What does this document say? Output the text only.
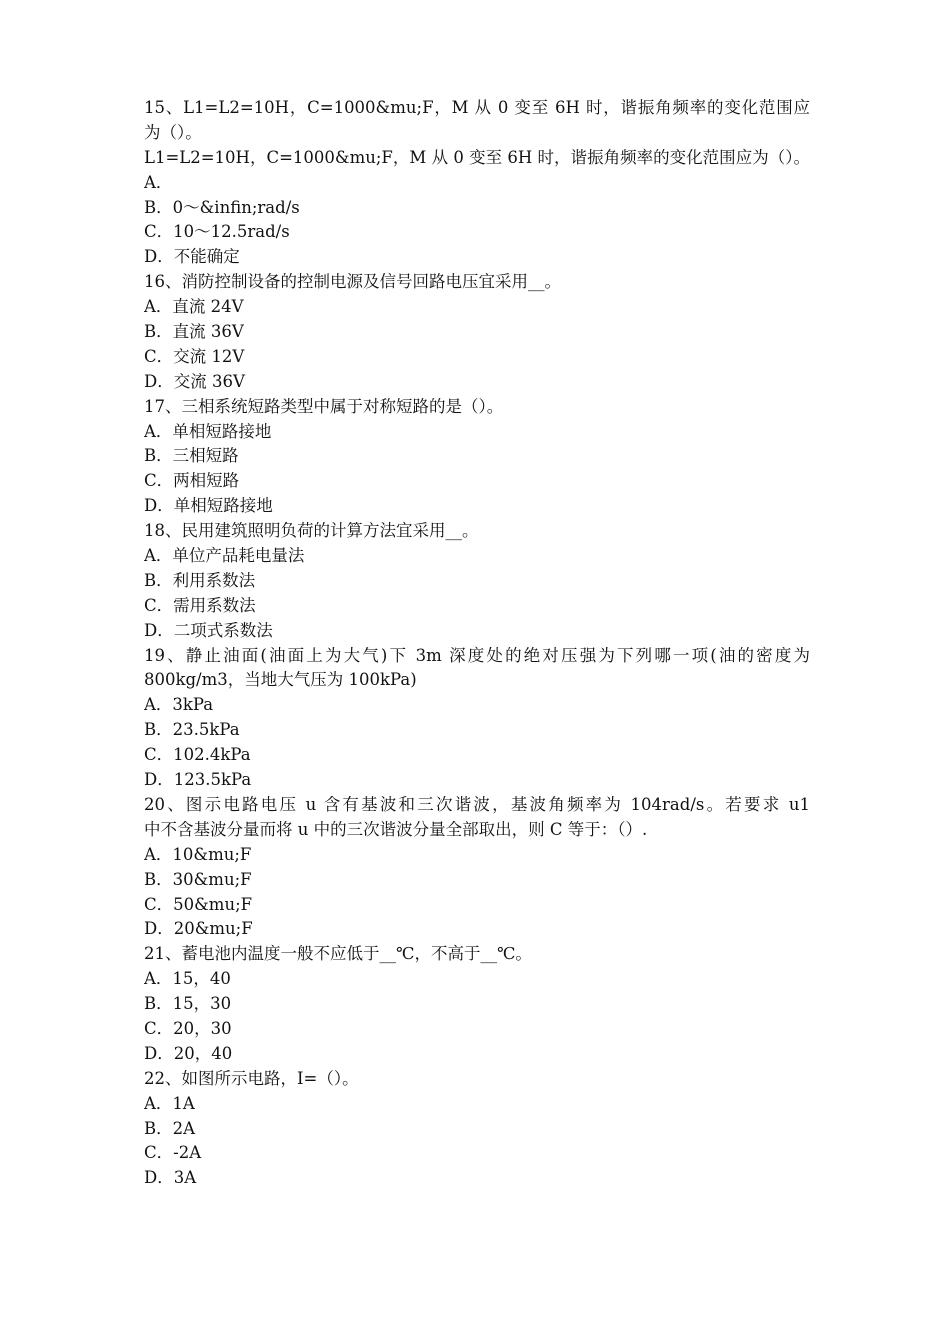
15、L1=L2=10H，C=1000&mu;F，M 从 0 变至 6H 时，谐振角频率的变化范围应
为（）。
L1=L2=10H，C=1000&mu;F，M 从 0 变至 6H 时，谐振角频率的变化范围应为（）。
A．
B．0～&infin;rad/s
C．10～12.5rad/s
D．不能确定
16、消防控制设备的控制电源及信号回路电压宜采用__。
A．直流 24V
B．直流 36V
C．交流 12V
D．交流 36V
17、三相系统短路类型中属于对称短路的是（）。
A．单相短路接地
B．三相短路
C．两相短路
D．单相短路接地
18、民用建筑照明负荷的计算方法宜采用__。
A．单位产品耗电量法
B．利用系数法
C．需用系数法
D．二项式系数法
19、静止油面(油面上为大气)下 3m 深度处的绝对压强为下列哪一项(油的密度为
800kg/m3，当地大气压为 100kPa)
A．3kPa
B．23.5kPa
C．102.4kPa
D．123.5kPa
20、图示电路电压 u 含有基波和三次谐波，基波角频率为 104rad/s。若要求 u1
中不含基波分量而将 u 中的三次谐波分量全部取出，则 C 等于：（）.
A．10&mu;F
B．30&mu;F
C．50&mu;F
D．20&mu;F
21、蓄电池内温度一般不应低于__℃，不高于__℃。
A．15，40
B．15，30
C．20，30
D．20，40
22、如图所示电路，I=（）。
A．1A
B．2A
C．-2A
D．3A
